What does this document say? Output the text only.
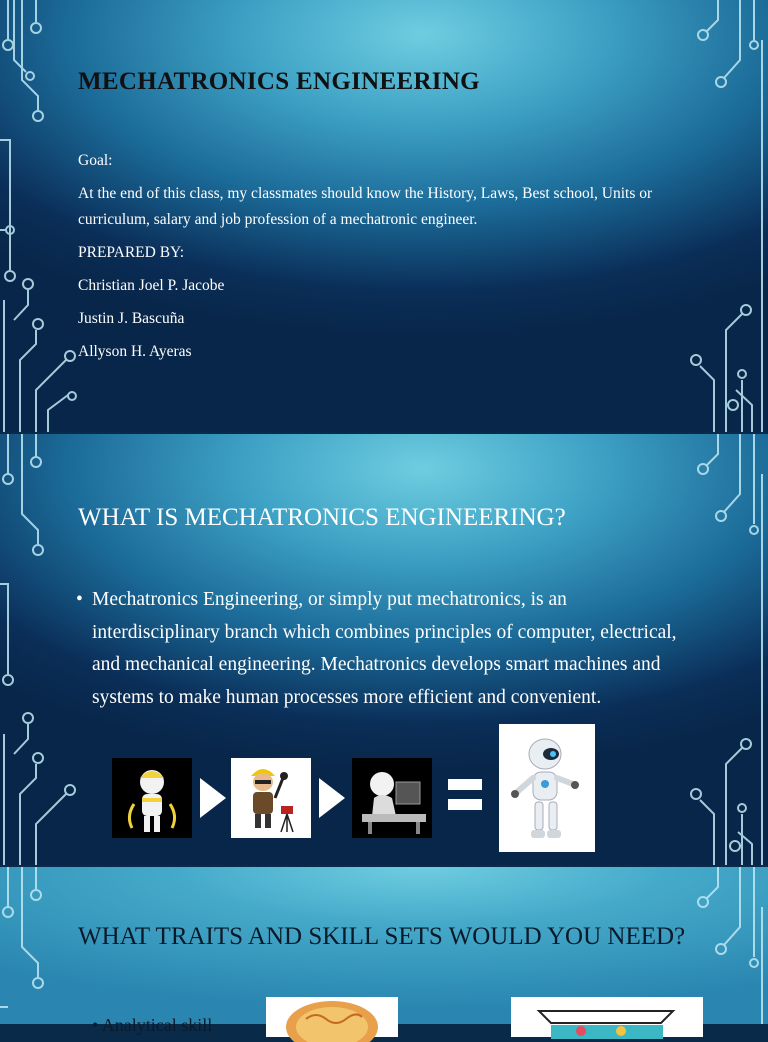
MECHATRONICS ENGINEERING

Goal:

At the end of this class, my classmates should know the History, Laws, Best school, Units or curriculum, salary and job profession of a mechatronic engineer.

PREPARED BY:

Christian Joel P. Jacobe

Justin J. Bascuña

Allyson H. Ayeras

WHAT IS MECHATRONICS ENGINEERING?
• Mechatronics Engineering, or simply put mechatronics, is an interdisciplinary branch which combines principles of computer, electrical, and mechanical engineering. Mechatronics develops smart machines and systems to make human processes more efficient and convenient.
WHAT TRAITS AND SKILL SETS WOULD YOU NEED?
• Analytical skill
